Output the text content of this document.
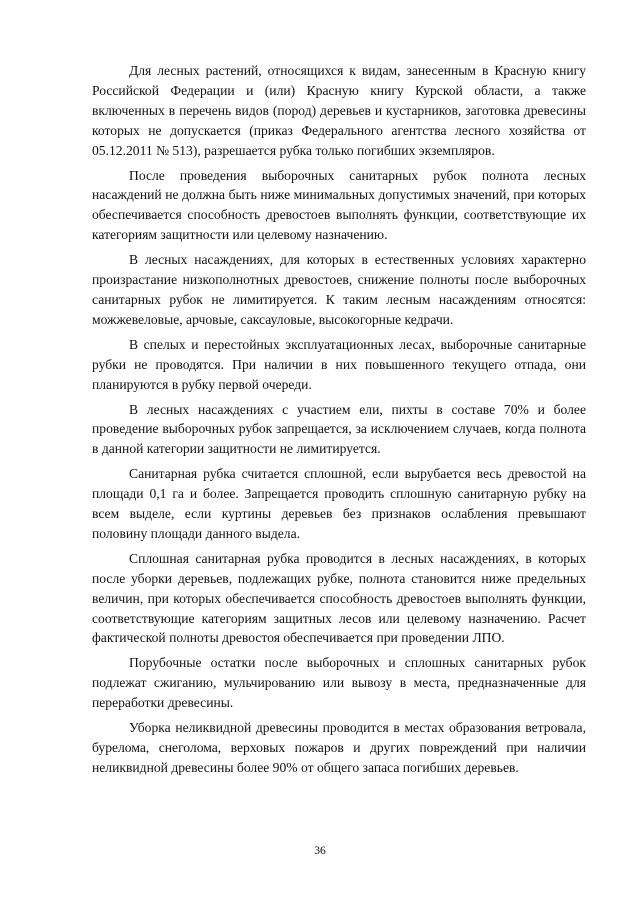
Для лесных растений, относящихся к видам, занесенным в Красную книгу Российской Федерации и (или) Красную книгу Курской области, а также включенных в перечень видов (пород) деревьев и кустарников, заготовка древесины которых не допускается (приказ Федерального агентства лесного хозяйства от 05.12.2011 № 513), разрешается рубка только погибших экземпляров.

После проведения выборочных санитарных рубок полнота лесных насаждений не должна быть ниже минимальных допустимых значений, при которых обеспечивается способность древостоев выполнять функции, соответствующие их категориям защитности или целевому назначению.

В лесных насаждениях, для которых в естественных условиях характерно произрастание низкополнотных древостоев, снижение полноты после выборочных санитарных рубок не лимитируется. К таким лесным насаждениям относятся: можжевеловые, арчовые, саксауловые, высокогорные кедрачи.

В спелых и перестойных эксплуатационных лесах, выборочные санитарные рубки не проводятся. При наличии в них повышенного текущего отпада, они планируются в рубку первой очереди.

В лесных насаждениях с участием ели, пихты в составе 70% и более проведение выборочных рубок запрещается, за исключением случаев, когда полнота в данной категории защитности не лимитируется.

Санитарная рубка считается сплошной, если вырубается весь древостой на площади 0,1 га и более. Запрещается проводить сплошную санитарную рубку на всем выделе, если куртины деревьев без признаков ослабления превышают половину площади данного выдела.

Сплошная санитарная рубка проводится в лесных насаждениях, в которых после уборки деревьев, подлежащих рубке, полнота становится ниже предельных величин, при которых обеспечивается способность древостоев выполнять функции, соответствующие категориям защитных лесов или целевому назначению. Расчет фактической полноты древостоя обеспечивается при проведении ЛПО.

Порубочные остатки после выборочных и сплошных санитарных рубок подлежат сжиганию, мульчированию или вывозу в места, предназначенные для переработки древесины.

Уборка неликвидной древесины проводится в местах образования ветровала, бурелома, снеголома, верховых пожаров и других повреждений при наличии неликвидной древесины более 90% от общего запаса погибших деревьев.

36
